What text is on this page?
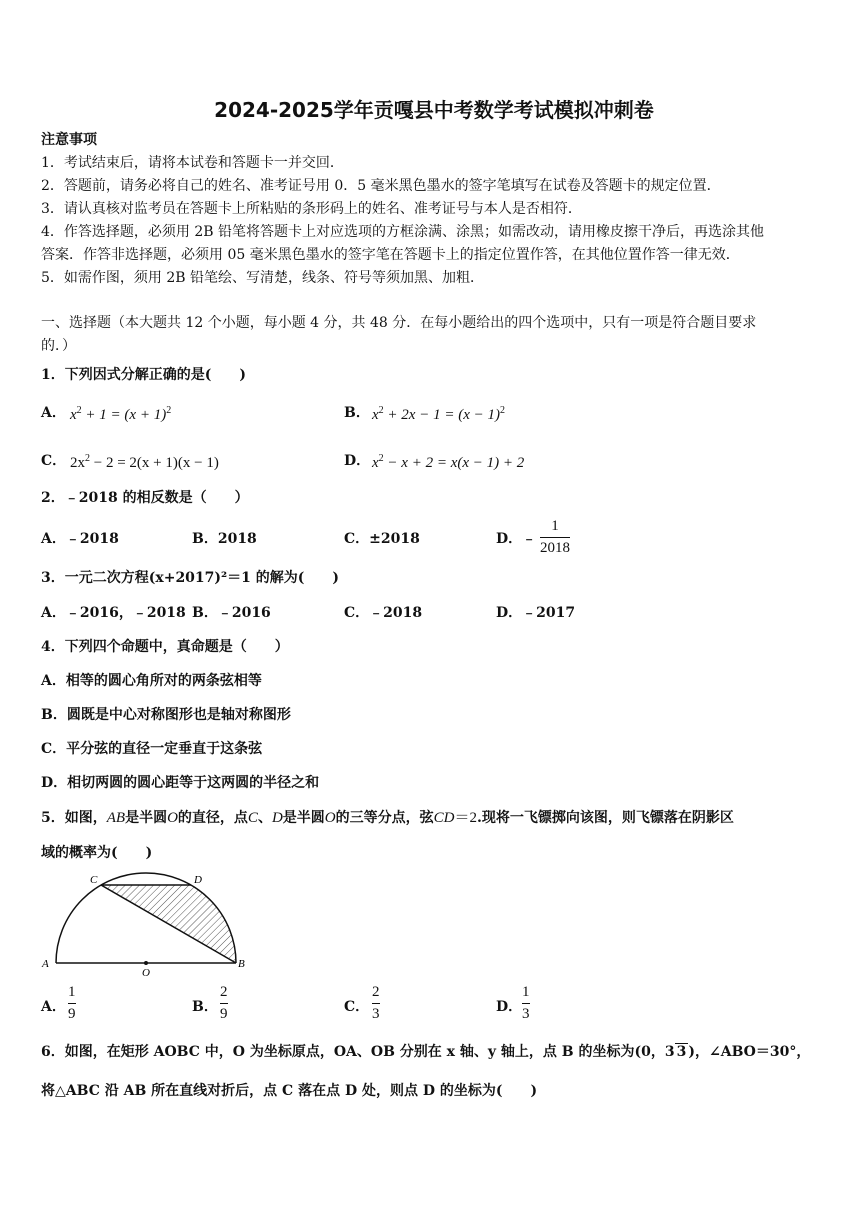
2024-2025学年贡嘎县中考数学考试模拟冲刺卷
注意事项
1．考试结束后，请将本试卷和答题卡一并交回．
2．答题前，请务必将自己的姓名、准考证号用 0．5 毫米黑色墨水的签字笔填写在试卷及答题卡的规定位置．
3．请认真核对监考员在答题卡上所粘贴的条形码上的姓名、准考证号与本人是否相符．
4．作答选择题，必须用 2B 铅笔将答题卡上对应选项的方框涂满、涂黑；如需改动，请用橡皮擦干净后，再选涂其他
答案．作答非选择题，必须用 05 毫米黑色墨水的签字笔在答题卡上的指定位置作答，在其他位置作答一律无效．
5．如需作图，须用 2B 铅笔绘、写清楚，线条、符号等须加黑、加粗．
一、选择题（本大题共 12 个小题，每小题 4 分，共 48 分．在每小题给出的四个选项中，只有一项是符合题目要求
的．）
1．下列因式分解正确的是(　　)
A． $x^2 + 1 = (x + 1)^2$	B． $x^2 + 2x - 1 = (x - 1)^2$
C． $2x^2 - 2 = 2(x + 1)(x - 1)$	D． $x^2 - x + 2 = x(x - 1) + 2$
2．﹣2018 的相反数是（　　）
A．﹣2018	B．2018	C．±2018	D．﹣
1
2018
3．一元二次方程(x+2017)²＝1 的解为(　　)
A．﹣2016，﹣2018 B．﹣2016	C．﹣2018	D．﹣2017
4．下列四个命题中，真命题是（　　）
A．相等的圆心角所对的两条弦相等
B．圆既是中心对称图形也是轴对称图形
C．平分弦的直径一定垂直于这条弦
D．相切两圆的圆心距等于这两圆的半径之和
5．如图，AB是半圆O的直径，点C、D是半圆O的三等分点，弦CD＝2.现将一飞镖掷向该图，则飞镖落在阴影区
域的概率为(　　)
A	B
C	D
O
A．
1
9	B．
2
9	C．
2
3	D．
1
3
6．如图，在矩形 AOBC 中，O 为坐标原点，OA、OB 分别在 x 轴、y 轴上，点 B 的坐标为(0，3 3 )，∠ABO＝30°，
将△ABC 沿 AB 所在直线对折后，点 C 落在点 D 处，则点 D 的坐标为(　　)
